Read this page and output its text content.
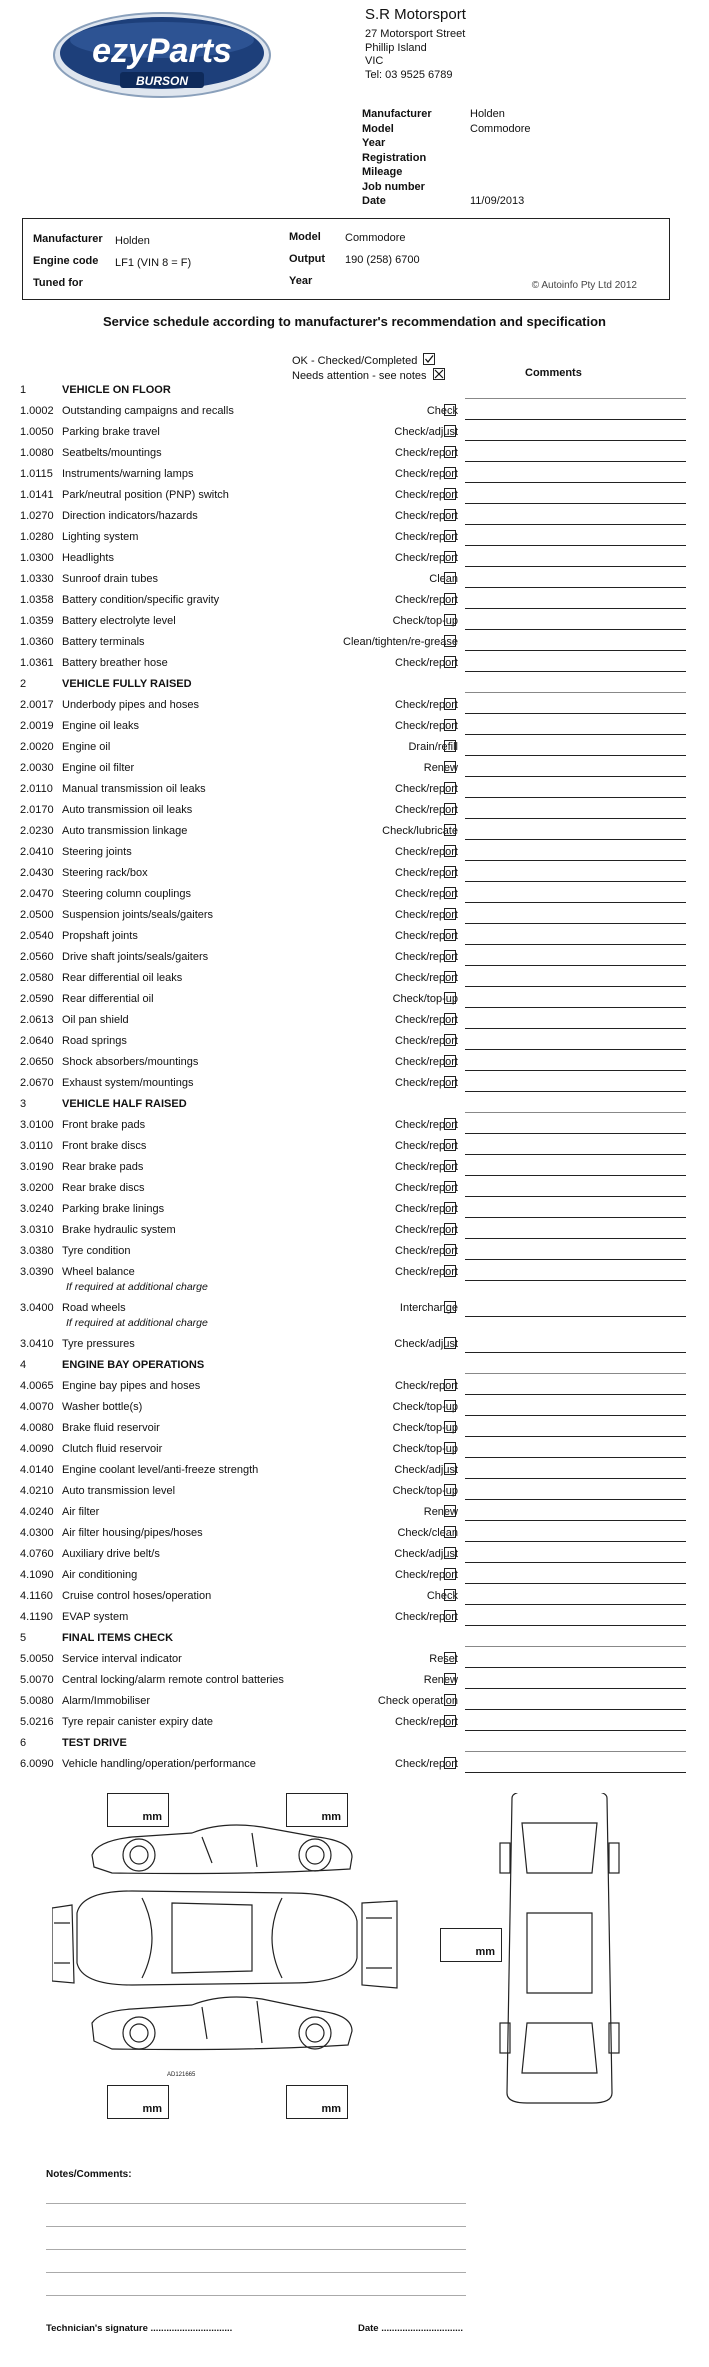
ezyParts
BURSON
S.R Motorsport
27 Motorsport Street
Phillip Island
VIC
Tel: 03 9525 6789
Manufacturer	Holden
Model	Commodore
Year
Registration
Mileage
Job number
Date	11/09/2013
Manufacturer Holden
Engine code LF1 (VIN 8 = F)
Tuned for
Model Commodore
Output 190 (258) 6700
Year	© Autoinfo Pty Ltd 2012
Service schedule according to manufacturer's recommendation and specification
OK - Checked/Completed
Needs attention - see notes	Comments
1	VEHICLE ON FLOOR
1.0002 Outstanding campaigns and recalls	Check
1.0050 Parking brake travel	Check/adjust
1.0080 Seatbelts/mountings	Check/report
1.0115 Instruments/warning lamps	Check/report
1.0141 Park/neutral position (PNP) switch	Check/report
1.0270 Direction indicators/hazards	Check/report
1.0280 Lighting system	Check/report
1.0300 Headlights	Check/report
1.0330 Sunroof drain tubes	Clean
1.0358 Battery condition/specific gravity	Check/report
1.0359 Battery electrolyte level	Check/top-up
1.0360 Battery terminals	Clean/tighten/re-grease
1.0361 Battery breather hose	Check/report
2	VEHICLE FULLY RAISED
2.0017 Underbody pipes and hoses	Check/report
2.0019 Engine oil leaks	Check/report
2.0020 Engine oil	Drain/refill
2.0030 Engine oil filter	Renew
2.0110 Manual transmission oil leaks	Check/report
2.0170 Auto transmission oil leaks	Check/report
2.0230 Auto transmission linkage	Check/lubricate
2.0410 Steering joints	Check/report
2.0430 Steering rack/box	Check/report
2.0470 Steering column couplings	Check/report
2.0500 Suspension joints/seals/gaiters	Check/report
2.0540 Propshaft joints	Check/report
2.0560 Drive shaft joints/seals/gaiters	Check/report
2.0580 Rear differential oil leaks	Check/report
2.0590 Rear differential oil	Check/top-up
2.0613 Oil pan shield	Check/report
2.0640 Road springs	Check/report
2.0650 Shock absorbers/mountings	Check/report
2.0670 Exhaust system/mountings	Check/report
3	VEHICLE HALF RAISED
3.0100 Front brake pads	Check/report
3.0110 Front brake discs	Check/report
3.0190 Rear brake pads	Check/report
3.0200 Rear brake discs	Check/report
3.0240 Parking brake linings	Check/report
3.0310 Brake hydraulic system	Check/report
3.0380 Tyre condition	Check/report
3.0390 Wheel balance	Check/report
If required at additional charge
3.0400 Road wheels	Interchange
If required at additional charge
3.0410 Tyre pressures	Check/adjust
4	ENGINE BAY OPERATIONS
4.0065 Engine bay pipes and hoses	Check/report
4.0070 Washer bottle(s)	Check/top-up
4.0080 Brake fluid reservoir	Check/top-up
4.0090 Clutch fluid reservoir	Check/top-up
4.0140 Engine coolant level/anti-freeze strength	Check/adjust
4.0210 Auto transmission level	Check/top-up
4.0240 Air filter	Renew
4.0300 Air filter housing/pipes/hoses	Check/clean
4.0760 Auxiliary drive belt/s	Check/adjust
4.1090 Air conditioning	Check/report
4.1160 Cruise control hoses/operation	Check
4.1190 EVAP system	Check/report
5	FINAL ITEMS CHECK
5.0050 Service interval indicator	Reset
5.0070 Central locking/alarm remote control batteries	Renew
5.0080 Alarm/Immobiliser	Check operation
5.0216 Tyre repair canister expiry date	Check/report
6	TEST DRIVE
6.0090 Vehicle handling/operation/performance	Check/report
mm	mm
mm
mm	mm
AD121665
Notes/Comments:
Technician's signature ...............................	Date ...............................
